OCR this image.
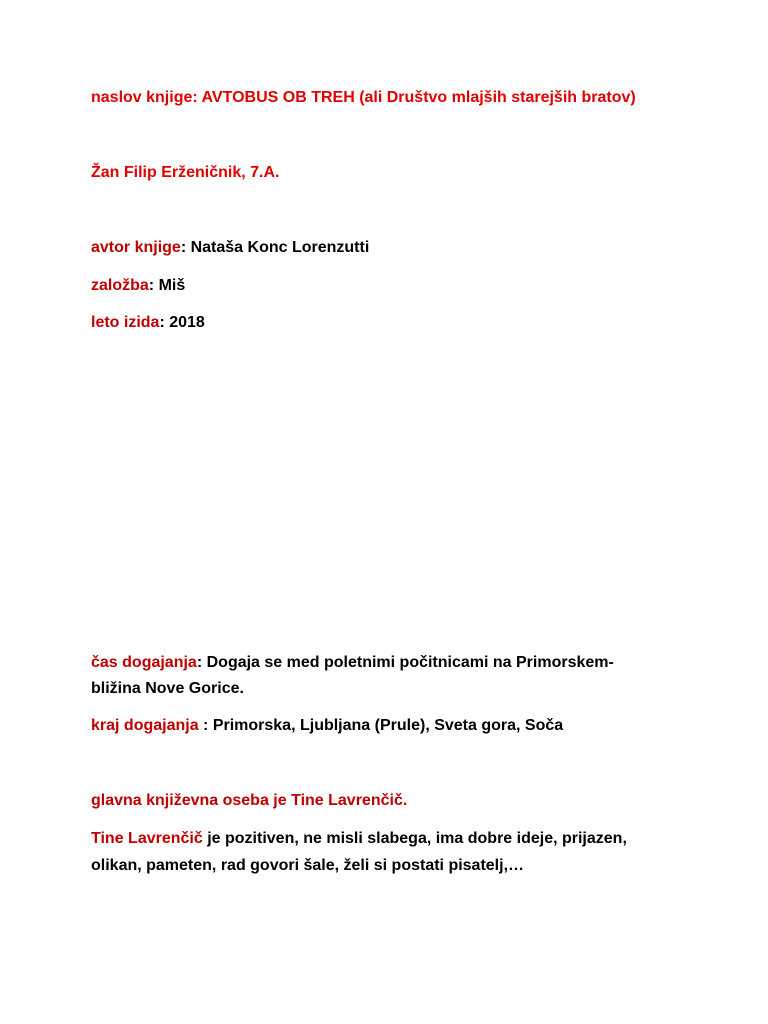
naslov knjige: AVTOBUS OB TREH (ali Društvo mlajših starejših bratov)
Žan Filip Erženičnik, 7.A.
avtor knjige: Nataša Konc Lorenzutti
založba: Miš
leto izida: 2018
čas dogajanja: Dogaja se med poletnimi počitnicami na Primorskem-
bližina Nove Gorice.
kraj dogajanja : Primorska, Ljubljana (Prule), Sveta gora, Soča
glavna književna oseba je Tine Lavrenčič.
Tine Lavrenčič je pozitiven, ne misli slabega, ima dobre ideje, prijazen,
olikan, pameten, rad govori šale, želi si postati pisatelj,…
